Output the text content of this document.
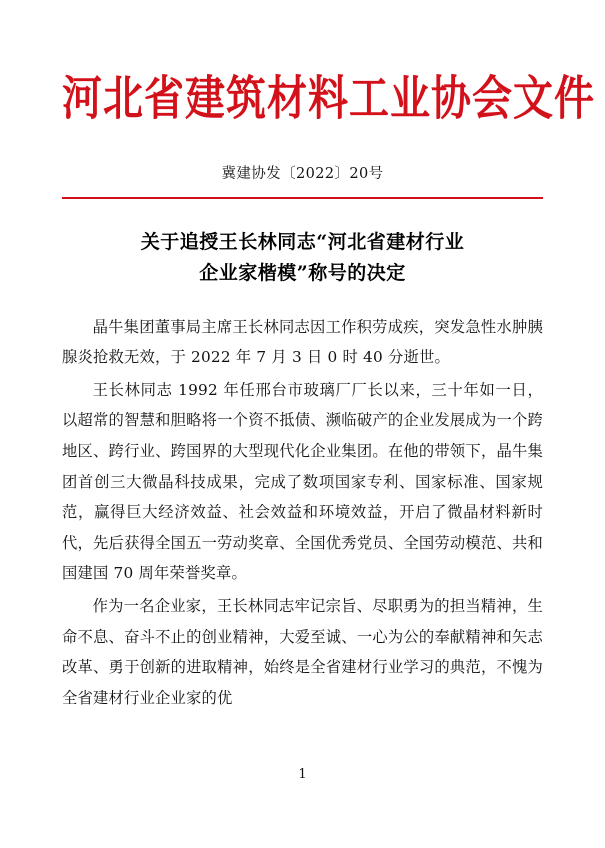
河北省建筑材料工业协会文件
冀建协发〔2022〕20号
关于追授王长林同志“河北省建材行业
企业家楷模”称号的决定

晶牛集团董事局主席王长林同志因工作积劳成疾，突发急性水肿胰腺炎抢救无效，于 2022 年 7 月 3 日 0 时 40 分逝世。

王长林同志 1992 年任邢台市玻璃厂厂长以来，三十年如一日，以超常的智慧和胆略将一个资不抵债、濒临破产的企业发展成为一个跨地区、跨行业、跨国界的大型现代化企业集团。在他的带领下，晶牛集团首创三大微晶科技成果，完成了数项国家专利、国家标准、国家规范，赢得巨大经济效益、社会效益和环境效益，开启了微晶材料新时代，先后获得全国五一劳动奖章、全国优秀党员、全国劳动模范、共和国建国 70 周年荣誉奖章。

作为一名企业家，王长林同志牢记宗旨、尽职勇为的担当精神，生命不息、奋斗不止的创业精神，大爱至诚、一心为公的奉献精神和矢志改革、勇于创新的进取精神，始终是全省建材行业学习的典范，不愧为全省建材行业企业家的优

1
